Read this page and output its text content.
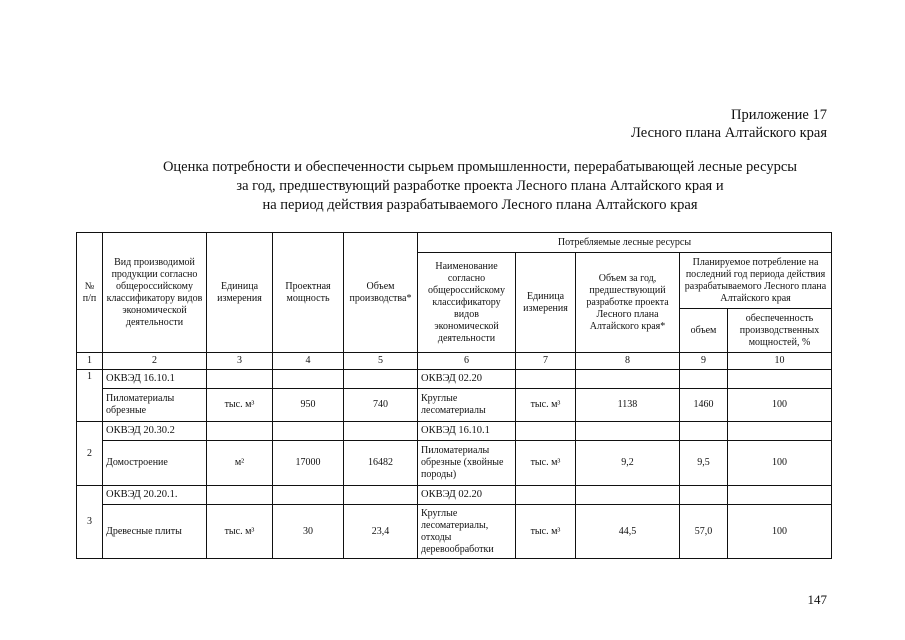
Приложение 17
Лесного плана Алтайского края
Оценка потребности и обеспеченности сырьем промышленности, перерабатывающей лесные ресурсы
за год, предшествующий разработке проекта Лесного плана Алтайского края и
на период действия разрабатываемого Лесного плана Алтайского края
№ п/п	Вид производимой продукции согласно общероссийскому классификатору видов экономической деятельности	Единица измерения	Проектная мощность	Объем производства*	Потребляемые лесные ресурсы				
					Наименование согласно общероссийскому классификатору видов экономической деятельности	Единица измерения	Объем за год, предшествующий разработке проекта Лесного плана Алтайского края*	Планируемое потребление на последний год периода действия разрабатываемого Лесного плана Алтайского края	
								объем	обеспеченность производственных мощностей, %
1	2	3	4	5	6	7	8	9	10
1	ОКВЭД 16.10.1				ОКВЭД 02.20				
	Пиломатериалы обрезные	тыс. м³	950	740	Круглые лесоматериалы	тыс. м³	1138	1460	100
2	ОКВЭД 20.30.2				ОКВЭД 16.10.1				
	Домостроение	м²	17000	16482	Пиломатериалы обрезные (хвойные породы)	тыс. м³	9,2	9,5	100
3	ОКВЭД 20.20.1.				ОКВЭД 02.20				
	Древесные плиты	тыс. м³	30	23,4	Круглые лесоматериалы, отходы деревообработки	тыс. м³	44,5	57,0	100
147
